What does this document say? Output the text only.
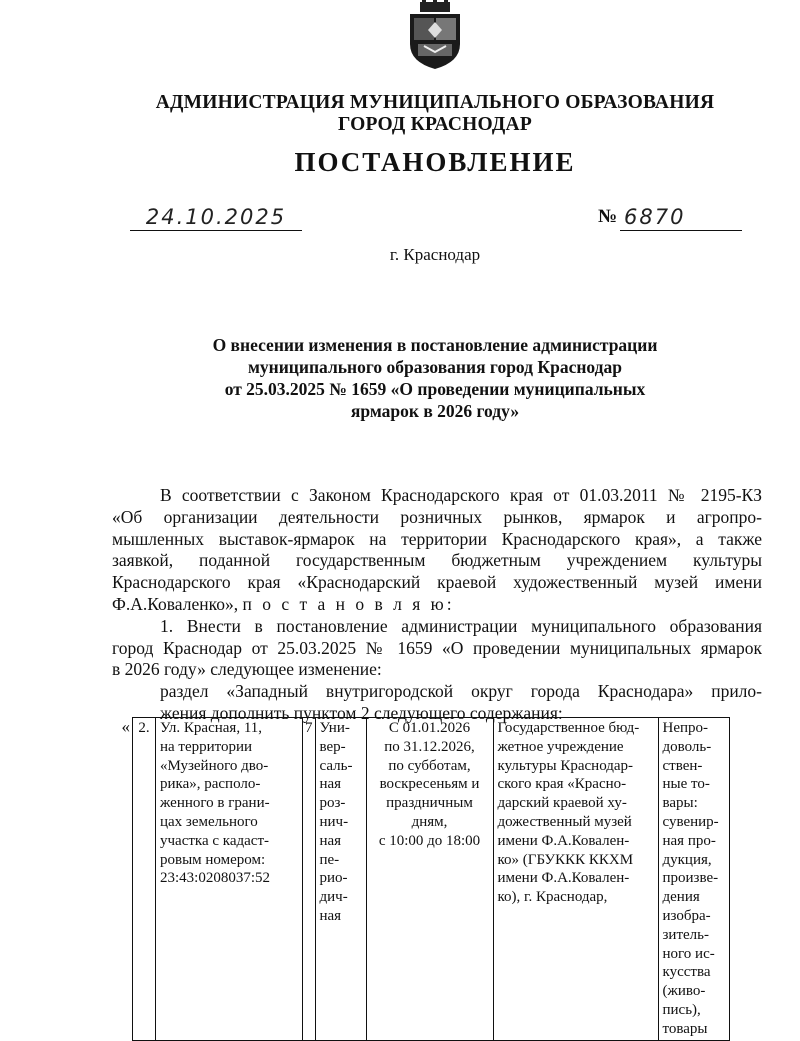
АДМИНИСТРАЦИЯ МУНИЦИПАЛЬНОГО ОБРАЗОВАНИЯ
ГОРОД КРАСНОДАР
ПОСТАНОВЛЕНИЕ
24.10.2025	№ 6870
г. Краснодар
О внесении изменения в постановление администрации
муниципального образования город Краснодар
от 25.03.2025 № 1659 «О проведении муниципальных
ярмарок в 2026 году»
В соответствии с Законом Краснодарского края от 01.03.2011 № 2195-КЗ
«Об организации деятельности розничных рынков, ярмарок и агропро-
мышленных выставок-ярмарок на территории Краснодарского края», а также
заявкой, поданной государственным бюджетным учреждением культуры
Краснодарского края «Краснодарский краевой художественный музей имени
Ф.А.Коваленко», п о с т а н о в л я ю:
1. Внести в постановление администрации муниципального образования
город Краснодар от 25.03.2025 № 1659 «О проведении муниципальных ярмарок
в 2026 году» следующее изменение:
раздел «Западный внутригородской округ города Краснодара» прило-
жения дополнить пунктом 2 следующего содержания:
«	2.	Ул. Красная, 11,
на территории
«Музейного дво-
рика», располо-
женного в грани-
цах земельного
участка с кадаст-
ровым номером:
23:43:0208037:52	7	Уни-
вер-
саль-
ная
роз-
нич-
ная
пе-
рио-
дич-
ная	С 01.01.2026
по 31.12.2026,
по субботам,
воскресеньям и
праздничным
дням,
с 10:00 до 18:00	Государственное бюд-
жетное учреждение
культуры Краснодар-
ского края «Красно-
дарский краевой ху-
дожественный музей
имени Ф.А.Ковален-
ко» (ГБУККК ККХМ
имени Ф.А.Ковален-
ко), г. Краснодар,	Непро-
доволь-
ствен-
ные то-
вары:
сувенир-
ная про-
дукция,
произве-
дения
изобра-
зитель-
ного ис-
кусства
(живо-
пись),
товары
